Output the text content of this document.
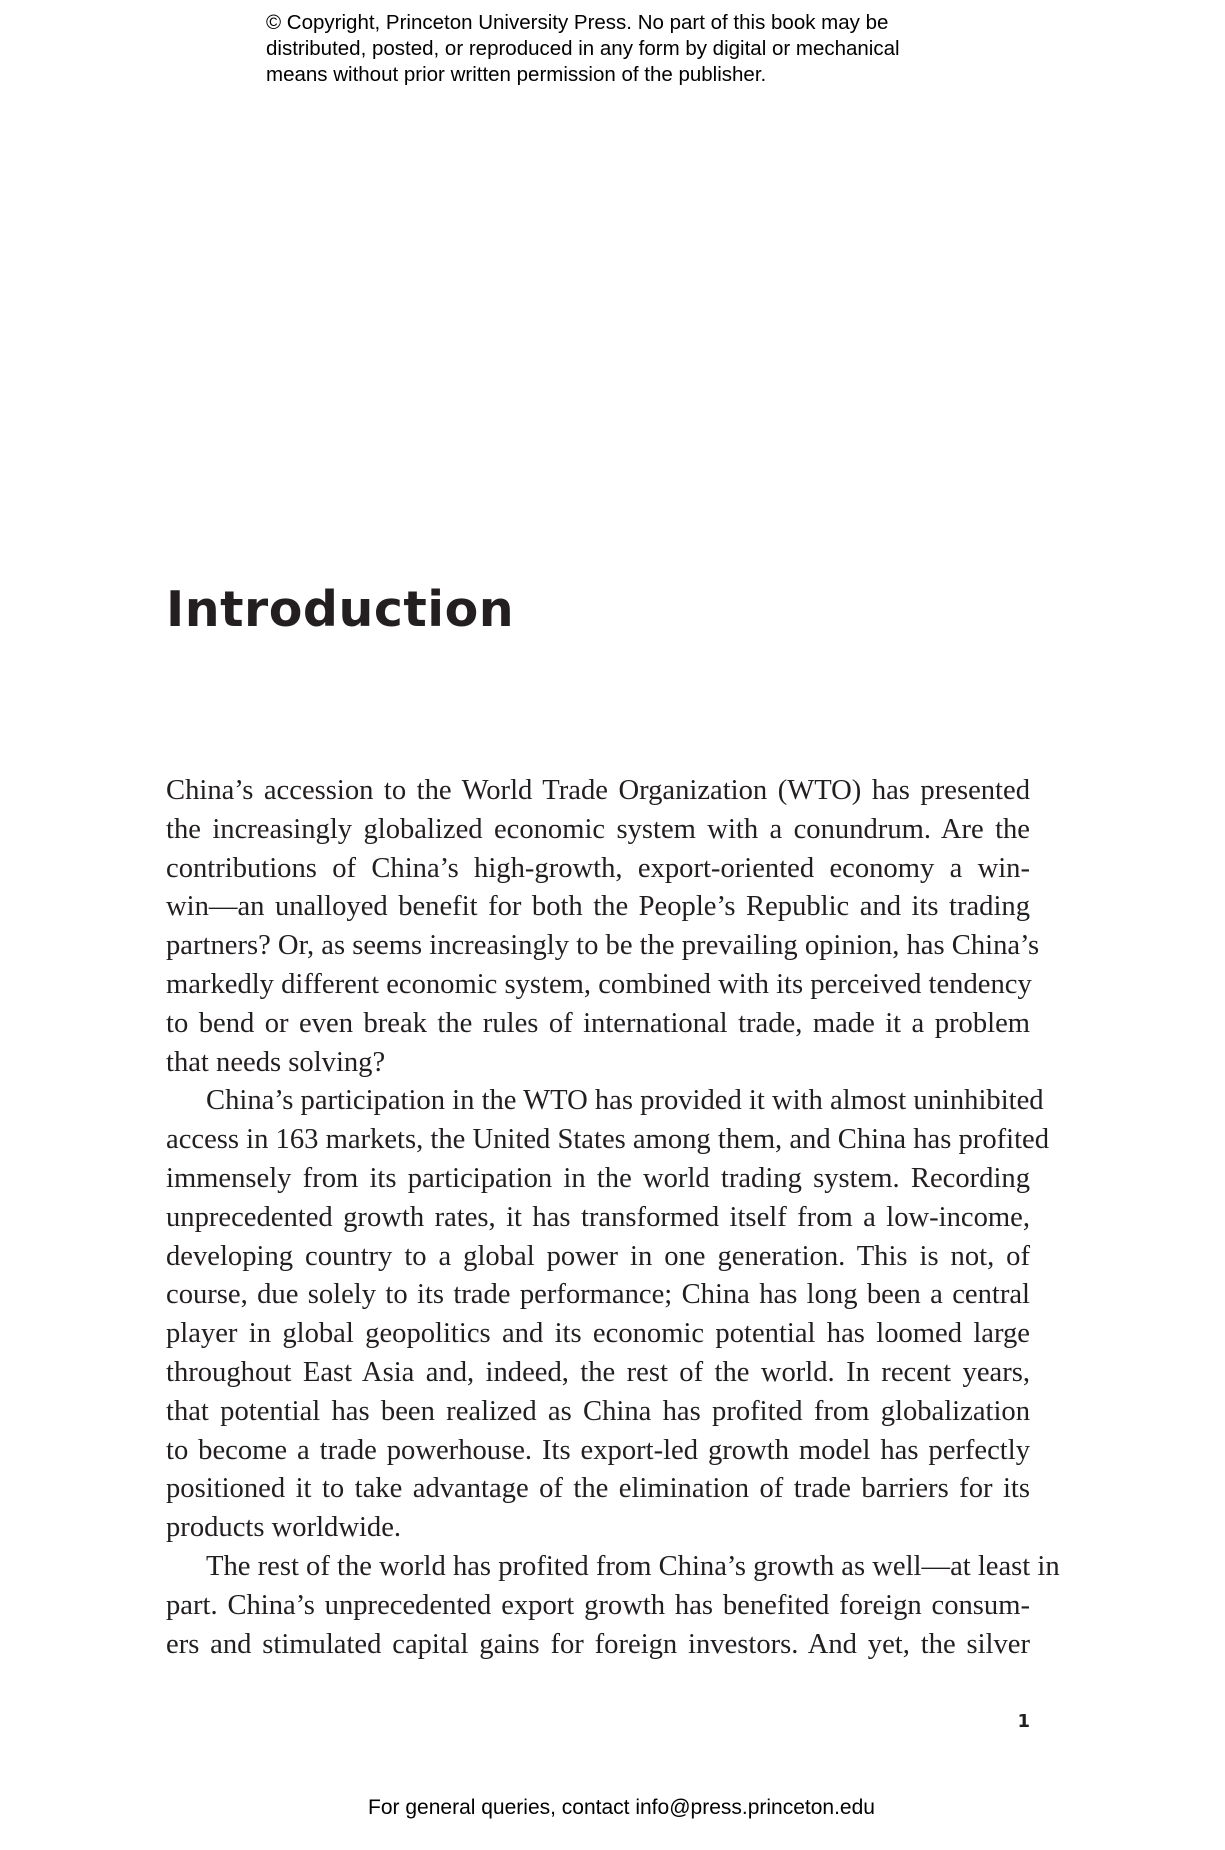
© Copyright, Princeton University Press. No part of this book may be
distributed, posted, or reproduced in any form by digital or mechanical
means without prior written permission of the publisher.
Introduction
China’s accession to the World Trade Organization (WTO) has presented
the increasingly globalized economic system with a conundrum. Are the
contributions of China’s high-growth, export-oriented economy a win-
win—an unalloyed benefit for both the People’s Republic and its trading
partners? Or, as seems increasingly to be the prevailing opinion, has China’s
markedly different economic system, combined with its perceived tendency
to bend or even break the rules of international trade, made it a problem
that needs solving?
China’s participation in the WTO has provided it with almost uninhibited
access in 163 markets, the United States among them, and China has profited
immensely from its participation in the world trading system. Recording
unprecedented growth rates, it has transformed itself from a low-income,
developing country to a global power in one generation. This is not, of
course, due solely to its trade performance; China has long been a central
player in global geopolitics and its economic potential has loomed large
throughout East Asia and, indeed, the rest of the world. In recent years,
that potential has been realized as China has profited from globalization
to become a trade powerhouse. Its export-led growth model has perfectly
positioned it to take advantage of the elimination of trade barriers for its
products worldwide.
The rest of the world has profited from China’s growth as well—at least in
part. China’s unprecedented export growth has benefited foreign consum-
ers and stimulated capital gains for foreign investors. And yet, the silver
1
For general queries, contact info@press.princeton.edu
